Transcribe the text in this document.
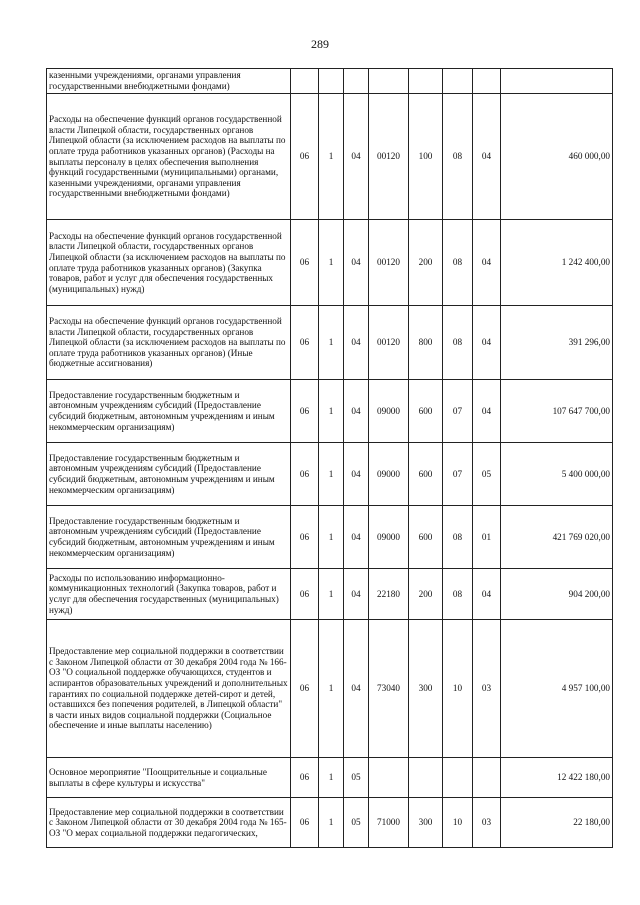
289
казенными учреждениями, органами управления государственными внебюджетными фондами)								
Расходы на обеспечение функций органов государственной власти Липецкой области, государственных органов Липецкой области (за исключением расходов на выплаты по оплате труда работников указанных органов) (Расходы на выплаты персоналу в целях обеспечения выполнения функций государственными (муниципальными) органами, казенными учреждениями, органами управления государственными внебюджетными фондами)	06	1	04	00120	100	08	04	460 000,00
Расходы на обеспечение функций органов государственной власти Липецкой области, государственных органов Липецкой области (за исключением расходов на выплаты по оплате труда работников указанных органов) (Закупка товаров, работ и услуг для обеспечения государственных (муниципальных) нужд)	06	1	04	00120	200	08	04	1 242 400,00
Расходы на обеспечение функций органов государственной власти Липецкой области, государственных органов Липецкой области (за исключением расходов на выплаты по оплате труда работников указанных органов) (Иные бюджетные ассигнования)	06	1	04	00120	800	08	04	391 296,00
Предоставление государственным бюджетным и автономным учреждениям субсидий (Предоставление субсидий бюджетным, автономным учреждениям и иным некоммерческим организациям)	06	1	04	09000	600	07	04	107 647 700,00
Предоставление государственным бюджетным и автономным учреждениям субсидий (Предоставление субсидий бюджетным, автономным учреждениям и иным некоммерческим организациям)	06	1	04	09000	600	07	05	5 400 000,00
Предоставление государственным бюджетным и автономным учреждениям субсидий (Предоставление субсидий бюджетным, автономным учреждениям и иным некоммерческим организациям)	06	1	04	09000	600	08	01	421 769 020,00
Расходы по использованию информационно-коммуникационных технологий (Закупка товаров, работ и услуг для обеспечения государственных (муниципальных) нужд)	06	1	04	22180	200	08	04	904 200,00
Предоставление мер социальной поддержки в соответствии с Законом Липецкой области от 30 декабря 2004 года № 166-ОЗ "О социальной поддержке обучающихся, студентов и аспирантов образовательных учреждений и дополнительных гарантиях по социальной поддержке детей-сирот и детей, оставшихся без попечения родителей, в Липецкой области" в части иных видов социальной поддержки (Социальное обеспечение и иные выплаты населению)	06	1	04	73040	300	10	03	4 957 100,00
Основное мероприятие "Поощрительные и социальные выплаты в сфере культуры и искусства"	06	1	05					12 422 180,00
Предоставление мер социальной поддержки в соответствии с Законом Липецкой области от 30 декабря 2004 года № 165-ОЗ "О мерах социальной поддержки педагогических,	06	1	05	71000	300	10	03	22 180,00
